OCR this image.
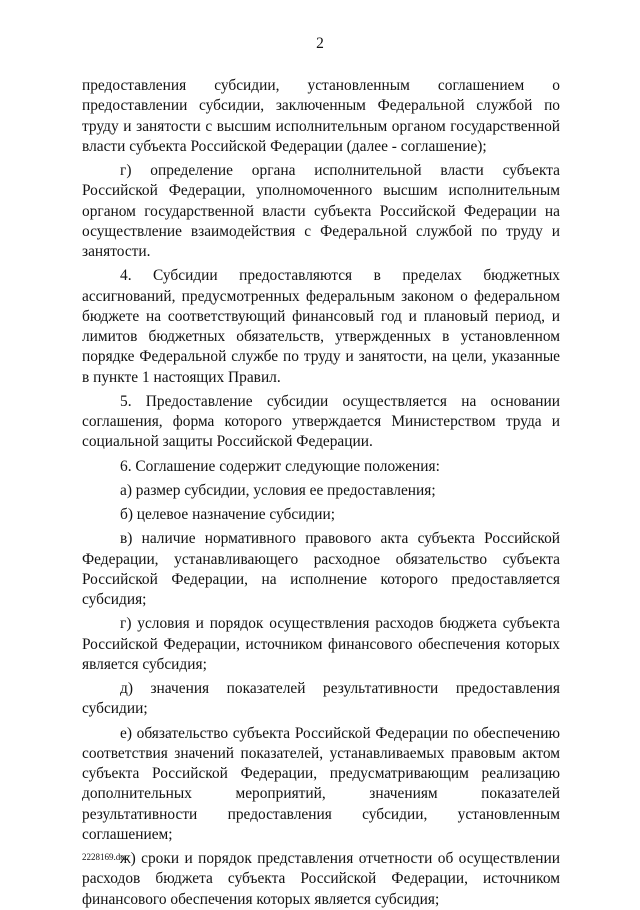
2

предоставления субсидии, установленным соглашением о предоставлении субсидии, заключенным Федеральной службой по труду и занятости с высшим исполнительным органом государственной власти субъекта Российской Федерации (далее - соглашение);

г) определение органа исполнительной власти субъекта Российской Федерации, уполномоченного высшим исполнительным органом государственной власти субъекта Российской Федерации на осуществление взаимодействия с Федеральной службой по труду и занятости.

4. Субсидии предоставляются в пределах бюджетных ассигнований, предусмотренных федеральным законом о федеральном бюджете на соответствующий финансовый год и плановый период, и лимитов бюджетных обязательств, утвержденных в установленном порядке Федеральной службе по труду и занятости, на цели, указанные в пункте 1 настоящих Правил.

5. Предоставление субсидии осуществляется на основании соглашения, форма которого утверждается Министерством труда и социальной защиты Российской Федерации.

6. Соглашение содержит следующие положения:

а) размер субсидии, условия ее предоставления;

б) целевое назначение субсидии;

в) наличие нормативного правового акта субъекта Российской Федерации, устанавливающего расходное обязательство субъекта Российской Федерации, на исполнение которого предоставляется субсидия;

г) условия и порядок осуществления расходов бюджета субъекта Российской Федерации, источником финансового обеспечения которых является субсидия;

д) значения показателей результативности предоставления субсидии;

е) обязательство субъекта Российской Федерации по обеспечению соответствия значений показателей, устанавливаемых правовым актом субъекта Российской Федерации, предусматривающим реализацию дополнительных мероприятий, значениям показателей результативности предоставления субсидии, установленным соглашением;

ж) сроки и порядок представления отчетности об осуществлении расходов бюджета субъекта Российской Федерации, источником финансового обеспечения которых является субсидия;

2228169.doc
